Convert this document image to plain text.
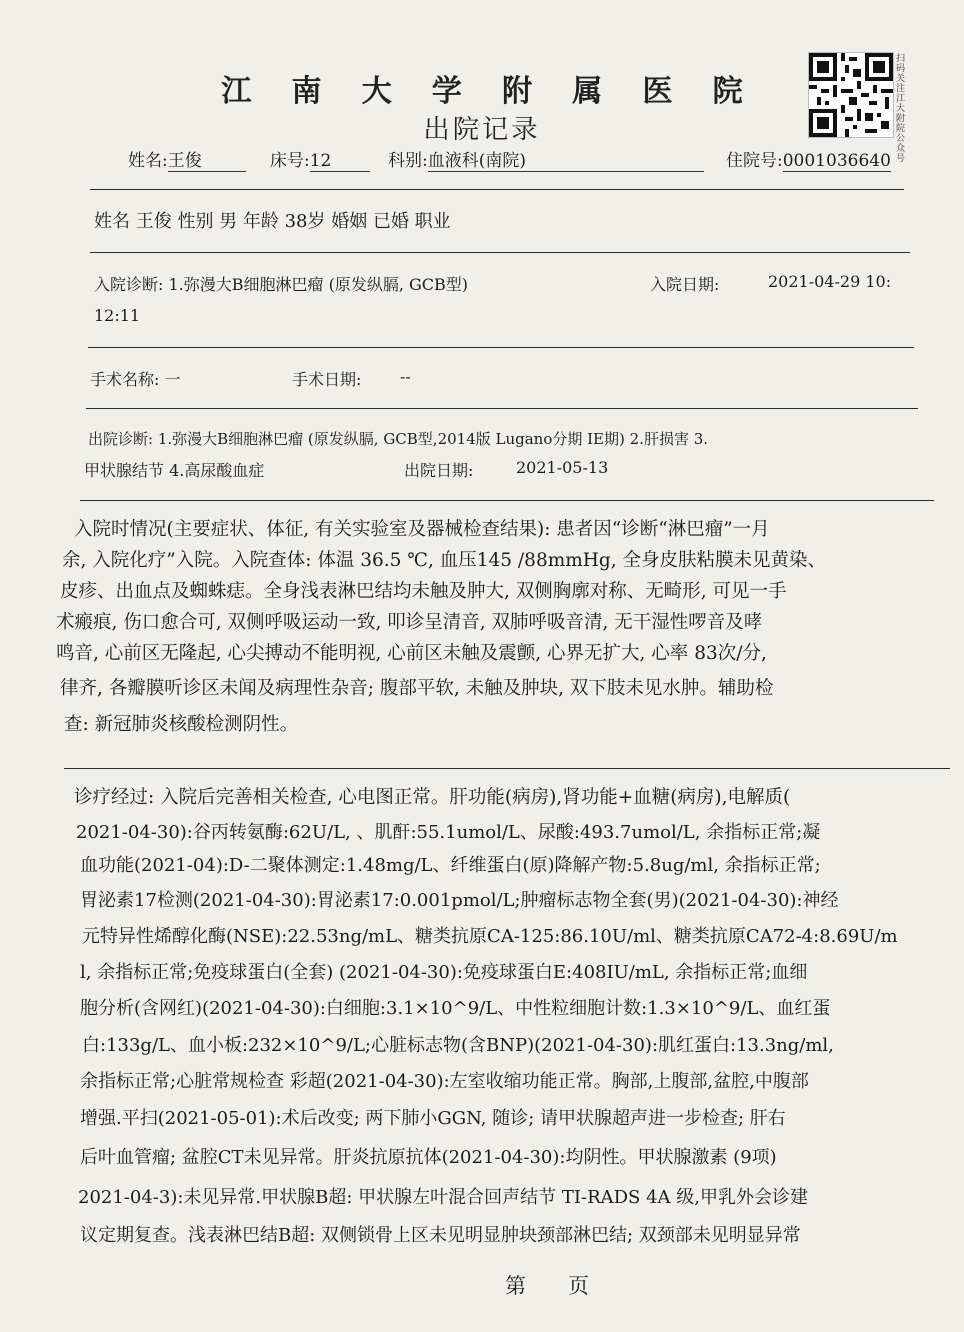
江南大学附属医院
出院记录
扫码关注江大附院公众号
姓名:王俊	床号:12	科别:血液科(南院)	住院号:0001036640
姓名 王俊 性别 男 年龄 38岁 婚姻 已婚 职业
入院诊断: 1.弥漫大B细胞淋巴瘤 (原发纵膈, GCB型)	入院日期:	2021-04-29 10:
12:11
手术名称: 一	手术日期: --
出院诊断: 1.弥漫大B细胞淋巴瘤 (原发纵膈, GCB型,2014版 Lugano分期 ⅠE期) 2.肝损害 3.
甲状腺结节 4.高尿酸血症	出院日期:	2021-05-13
入院时情况(主要症状、体征, 有关实验室及器械检查结果): 患者因“诊断“淋巴瘤”一月
余, 入院化疗”入院。入院查体: 体温 36.5 ℃, 血压145 /88mmHg, 全身皮肤粘膜未见黄染、
皮疹、出血点及蜘蛛痣。全身浅表淋巴结均未触及肿大, 双侧胸廓对称、无畸形, 可见一手
术瘢痕, 伤口愈合可, 双侧呼吸运动一致, 叩诊呈清音, 双肺呼吸音清, 无干湿性啰音及哮
鸣音, 心前区无隆起, 心尖搏动不能明视, 心前区未触及震颤, 心界无扩大, 心率 83次/分,
律齐, 各瓣膜听诊区未闻及病理性杂音; 腹部平软, 未触及肿块, 双下肢未见水肿。辅助检
查: 新冠肺炎核酸检测阴性。
诊疗经过: 入院后完善相关检查, 心电图正常。肝功能(病房),肾功能+血糖(病房),电解质(
2021-04-30):谷丙转氨酶:62U/L, 、肌酐:55.1umol/L、尿酸:493.7umol/L, 余指标正常;凝
血功能(2021-04):D-二聚体测定:1.48mg/L、纤维蛋白(原)降解产物:5.8ug/ml, 余指标正常;
胃泌素17检测(2021-04-30):胃泌素17:0.001pmol/L;肿瘤标志物全套(男)(2021-04-30):神经
元特异性烯醇化酶(NSE):22.53ng/mL、糖类抗原CA-125:86.10U/ml、糖类抗原CA72-4:8.69U/m
l, 余指标正常;免疫球蛋白(全套) (2021-04-30):免疫球蛋白E:408IU/mL, 余指标正常;血细
胞分析(含网红)(2021-04-30):白细胞:3.1×10^9/L、中性粒细胞计数:1.3×10^9/L、血红蛋
白:133g/L、血小板:232×10^9/L;心脏标志物(含BNP)(2021-04-30):肌红蛋白:13.3ng/ml,
余指标正常;心脏常规检查 彩超(2021-04-30):左室收缩功能正常。胸部,上腹部,盆腔,中腹部
增强.平扫(2021-05-01):术后改变; 两下肺小GGN, 随诊; 请甲状腺超声进一步检查; 肝右
后叶血管瘤; 盆腔CT未见异常。肝炎抗原抗体(2021-04-30):均阴性。甲状腺激素 (9项)
2021-04-3):未见异常.甲状腺B超: 甲状腺左叶混合回声结节 TI-RADS 4A 级,甲乳外会诊建
议定期复查。浅表淋巴结B超: 双侧锁骨上区未见明显肿块颈部淋巴结; 双颈部未见明显异常
第　　页
